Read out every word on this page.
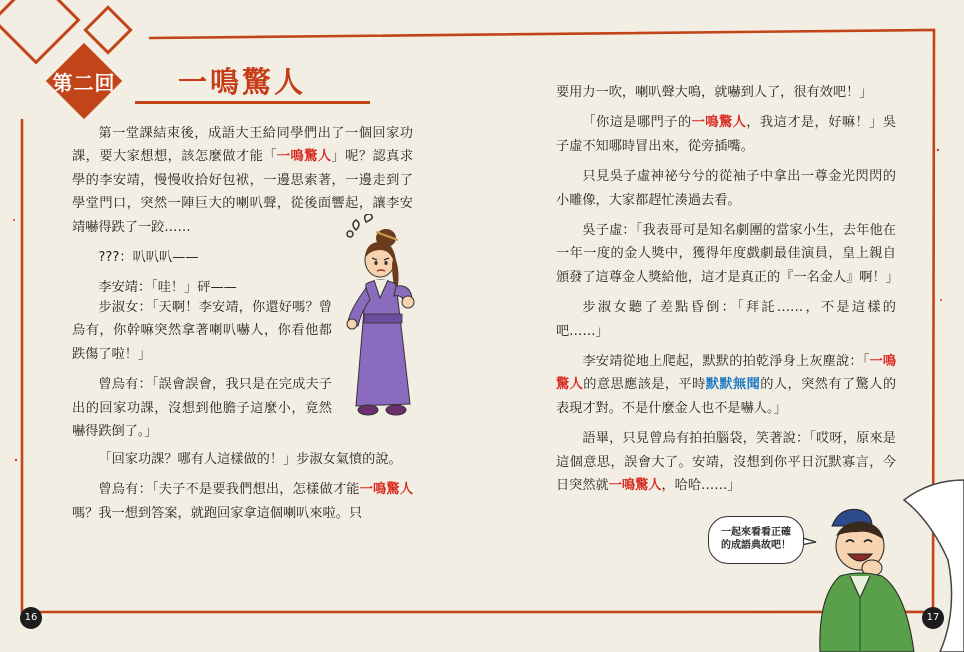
第二回 一鳴驚人

第一堂課結束後，成語大王給同學們出了一個回家功課，要大家想想，該怎麼做才能「一鳴驚人」呢？認真求學的李安靖，慢慢收拾好包袱，一邊思索著，一邊走到了學堂門口，突然一陣巨大的喇叭聲，從後面響起，讓李安靖嚇得跌了一跤……

???：叭叭叭——

李安靖：「哇！」砰——

步淑女：「天啊！李安靖，你還好嗎？曾烏有，你幹嘛突然拿著喇叭嚇人，你看他都跌傷了啦！」

曾烏有：「誤會誤會，我只是在完成夫子出的回家功課，沒想到他膽子這麼小，竟然嚇得跌倒了。」

「回家功課？哪有人這樣做的！」步淑女氣憤的說。

曾烏有：「夫子不是要我們想出，怎樣做才能一鳴驚人嗎？我一想到答案，就跑回家拿這個喇叭來啦。只

16

要用力一吹，喇叭聲大鳴，就嚇到人了，很有效吧！」

「你這是哪門子的一鳴驚人，我這才是，好嘛！」吳子虛不知哪時冒出來，從旁插嘴。

只見吳子虛神祕兮兮的從袖子中拿出一尊金光閃閃的小雕像，大家都趕忙湊過去看。

吳子虛：「我表哥可是知名劇團的當家小生，去年他在一年一度的金人獎中，獲得年度戲劇最佳演員，皇上親自頒發了這尊金人獎給他，這才是真正的『一名金人』啊！」

步淑女聽了差點昏倒：「拜託……，不是這樣的吧……」

李安靖從地上爬起，默默的拍乾淨身上灰塵說：「一鳴驚人的意思應該是，平時默默無聞的人，突然有了驚人的表現才對。不是什麼金人也不是嚇人。」

語畢，只見曾烏有拍拍腦袋，笑著說：「哎呀，原來是這個意思，誤會大了。安靖，沒想到你平日沉默寡言，今日突然就一鳴驚人，哈哈……」

一起來看看正確
的成語典故吧！
17
